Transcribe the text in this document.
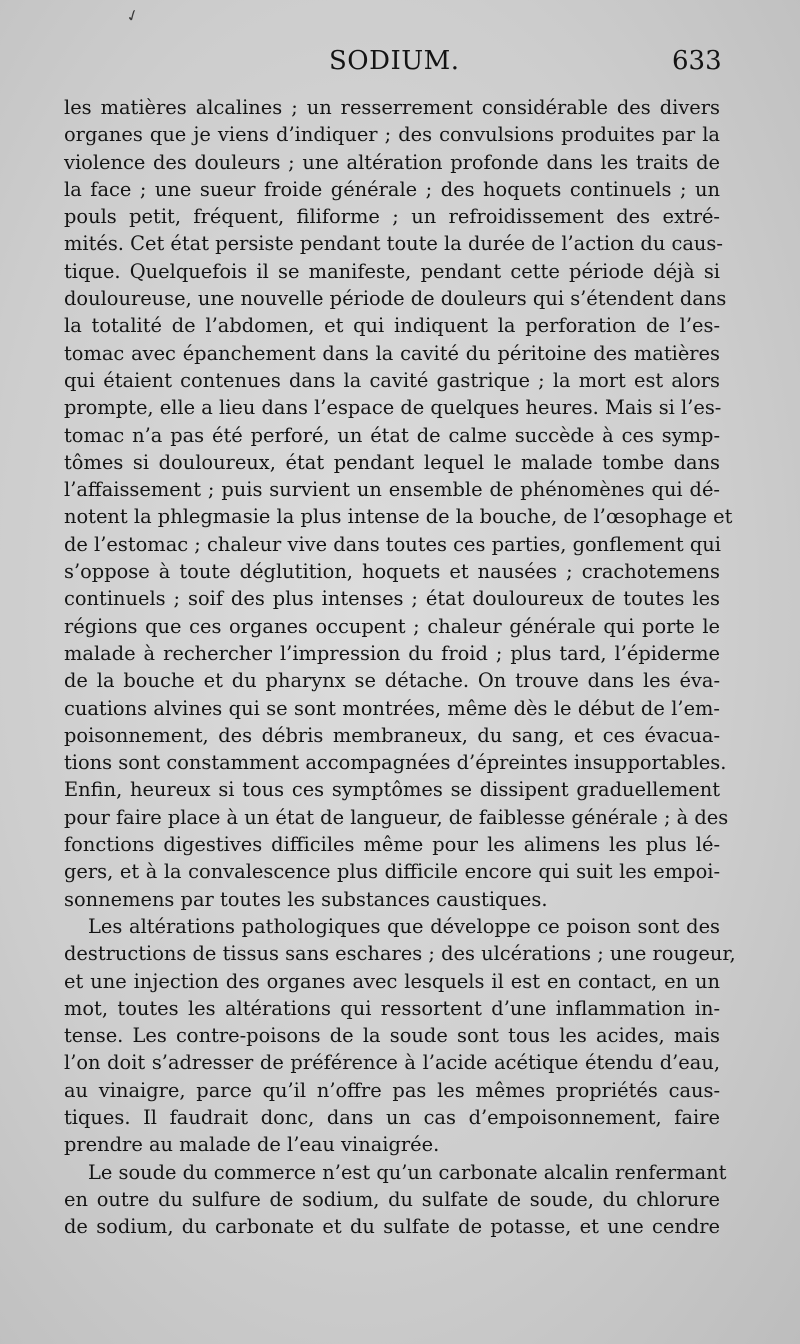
✓
SODIUM.	633
les matières alcalines ; un resserrement considérable des divers
organes que je viens d’indiquer ; des convulsions produites par la
violence des douleurs ; une altération profonde dans les traits de
la face ; une sueur froide générale ; des hoquets continuels ; un
pouls petit, fréquent, filiforme ; un refroidissement des extré-
mités. Cet état persiste pendant toute la durée de l’action du caus-
tique. Quelquefois il se manifeste, pendant cette période déjà si
douloureuse, une nouvelle période de douleurs qui s’étendent dans
la totalité de l’abdomen, et qui indiquent la perforation de l’es-
tomac avec épanchement dans la cavité du péritoine des matières
qui étaient contenues dans la cavité gastrique ; la mort est alors
prompte, elle a lieu dans l’espace de quelques heures. Mais si l’es-
tomac n’a pas été perforé, un état de calme succède à ces symp-
tômes si douloureux, état pendant lequel le malade tombe dans
l’affaissement ; puis survient un ensemble de phénomènes qui dé-
notent la phlegmasie la plus intense de la bouche, de l’œsophage et
de l’estomac ; chaleur vive dans toutes ces parties, gonflement qui
s’oppose à toute déglutition, hoquets et nausées ; crachotemens
continuels ; soif des plus intenses ; état douloureux de toutes les
régions que ces organes occupent ; chaleur générale qui porte le
malade à rechercher l’impression du froid ; plus tard, l’épiderme
de la bouche et du pharynx se détache. On trouve dans les éva-
cuations alvines qui se sont montrées, même dès le début de l’em-
poisonnement, des débris membraneux, du sang, et ces évacua-
tions sont constamment accompagnées d’épreintes insupportables.
Enfin, heureux si tous ces symptômes se dissipent graduellement
pour faire place à un état de langueur, de faiblesse générale ; à des
fonctions digestives difficiles même pour les alimens les plus lé-
gers, et à la convalescence plus difficile encore qui suit les empoi-
sonnemens par toutes les substances caustiques.
Les altérations pathologiques que développe ce poison sont des
destructions de tissus sans eschares ; des ulcérations ; une rougeur,
et une injection des organes avec lesquels il est en contact, en un
mot, toutes les altérations qui ressortent d’une inflammation in-
tense. Les contre-poisons de la soude sont tous les acides, mais
l’on doit s’adresser de préférence à l’acide acétique étendu d’eau,
au vinaigre, parce qu’il n’offre pas les mêmes propriétés caus-
tiques. Il faudrait donc, dans un cas d’empoisonnement, faire
prendre au malade de l’eau vinaigrée.
Le soude du commerce n’est qu’un carbonate alcalin renfermant
en outre du sulfure de sodium, du sulfate de soude, du chlorure
de sodium, du carbonate et du sulfate de potasse, et une cendre
